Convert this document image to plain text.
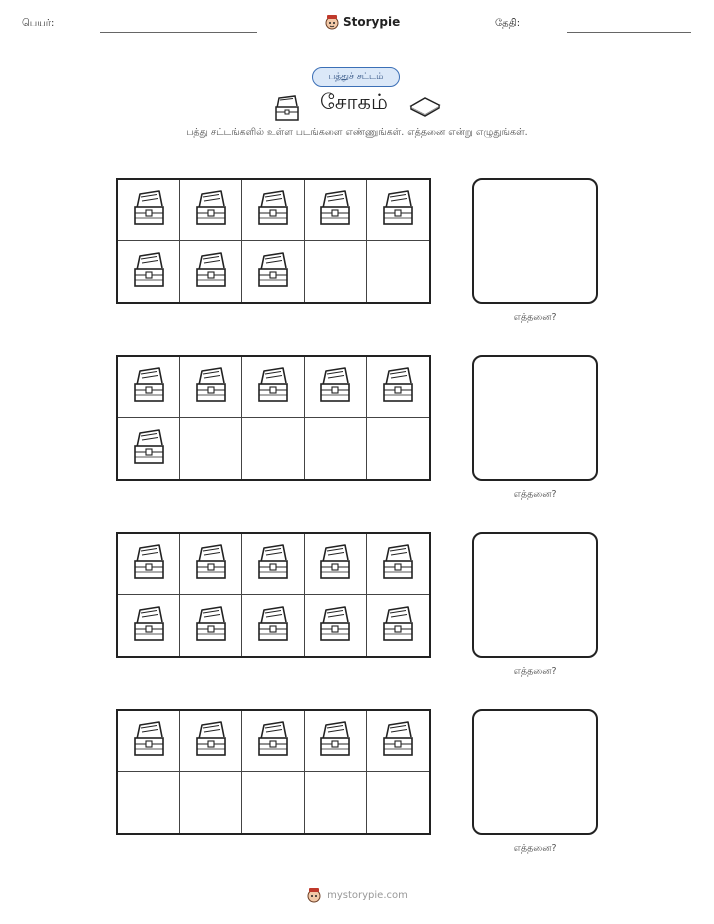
பெயர்:	Storypie	தேதி:
பத்துச் சட்டம்
சோகம்
பத்து சட்டங்களில் உள்ள படங்களை எண்ணுங்கள். எத்தனை என்று எழுதுங்கள்.
எத்தனை?
எத்தனை?
எத்தனை?
எத்தனை?
mystorypie.com
